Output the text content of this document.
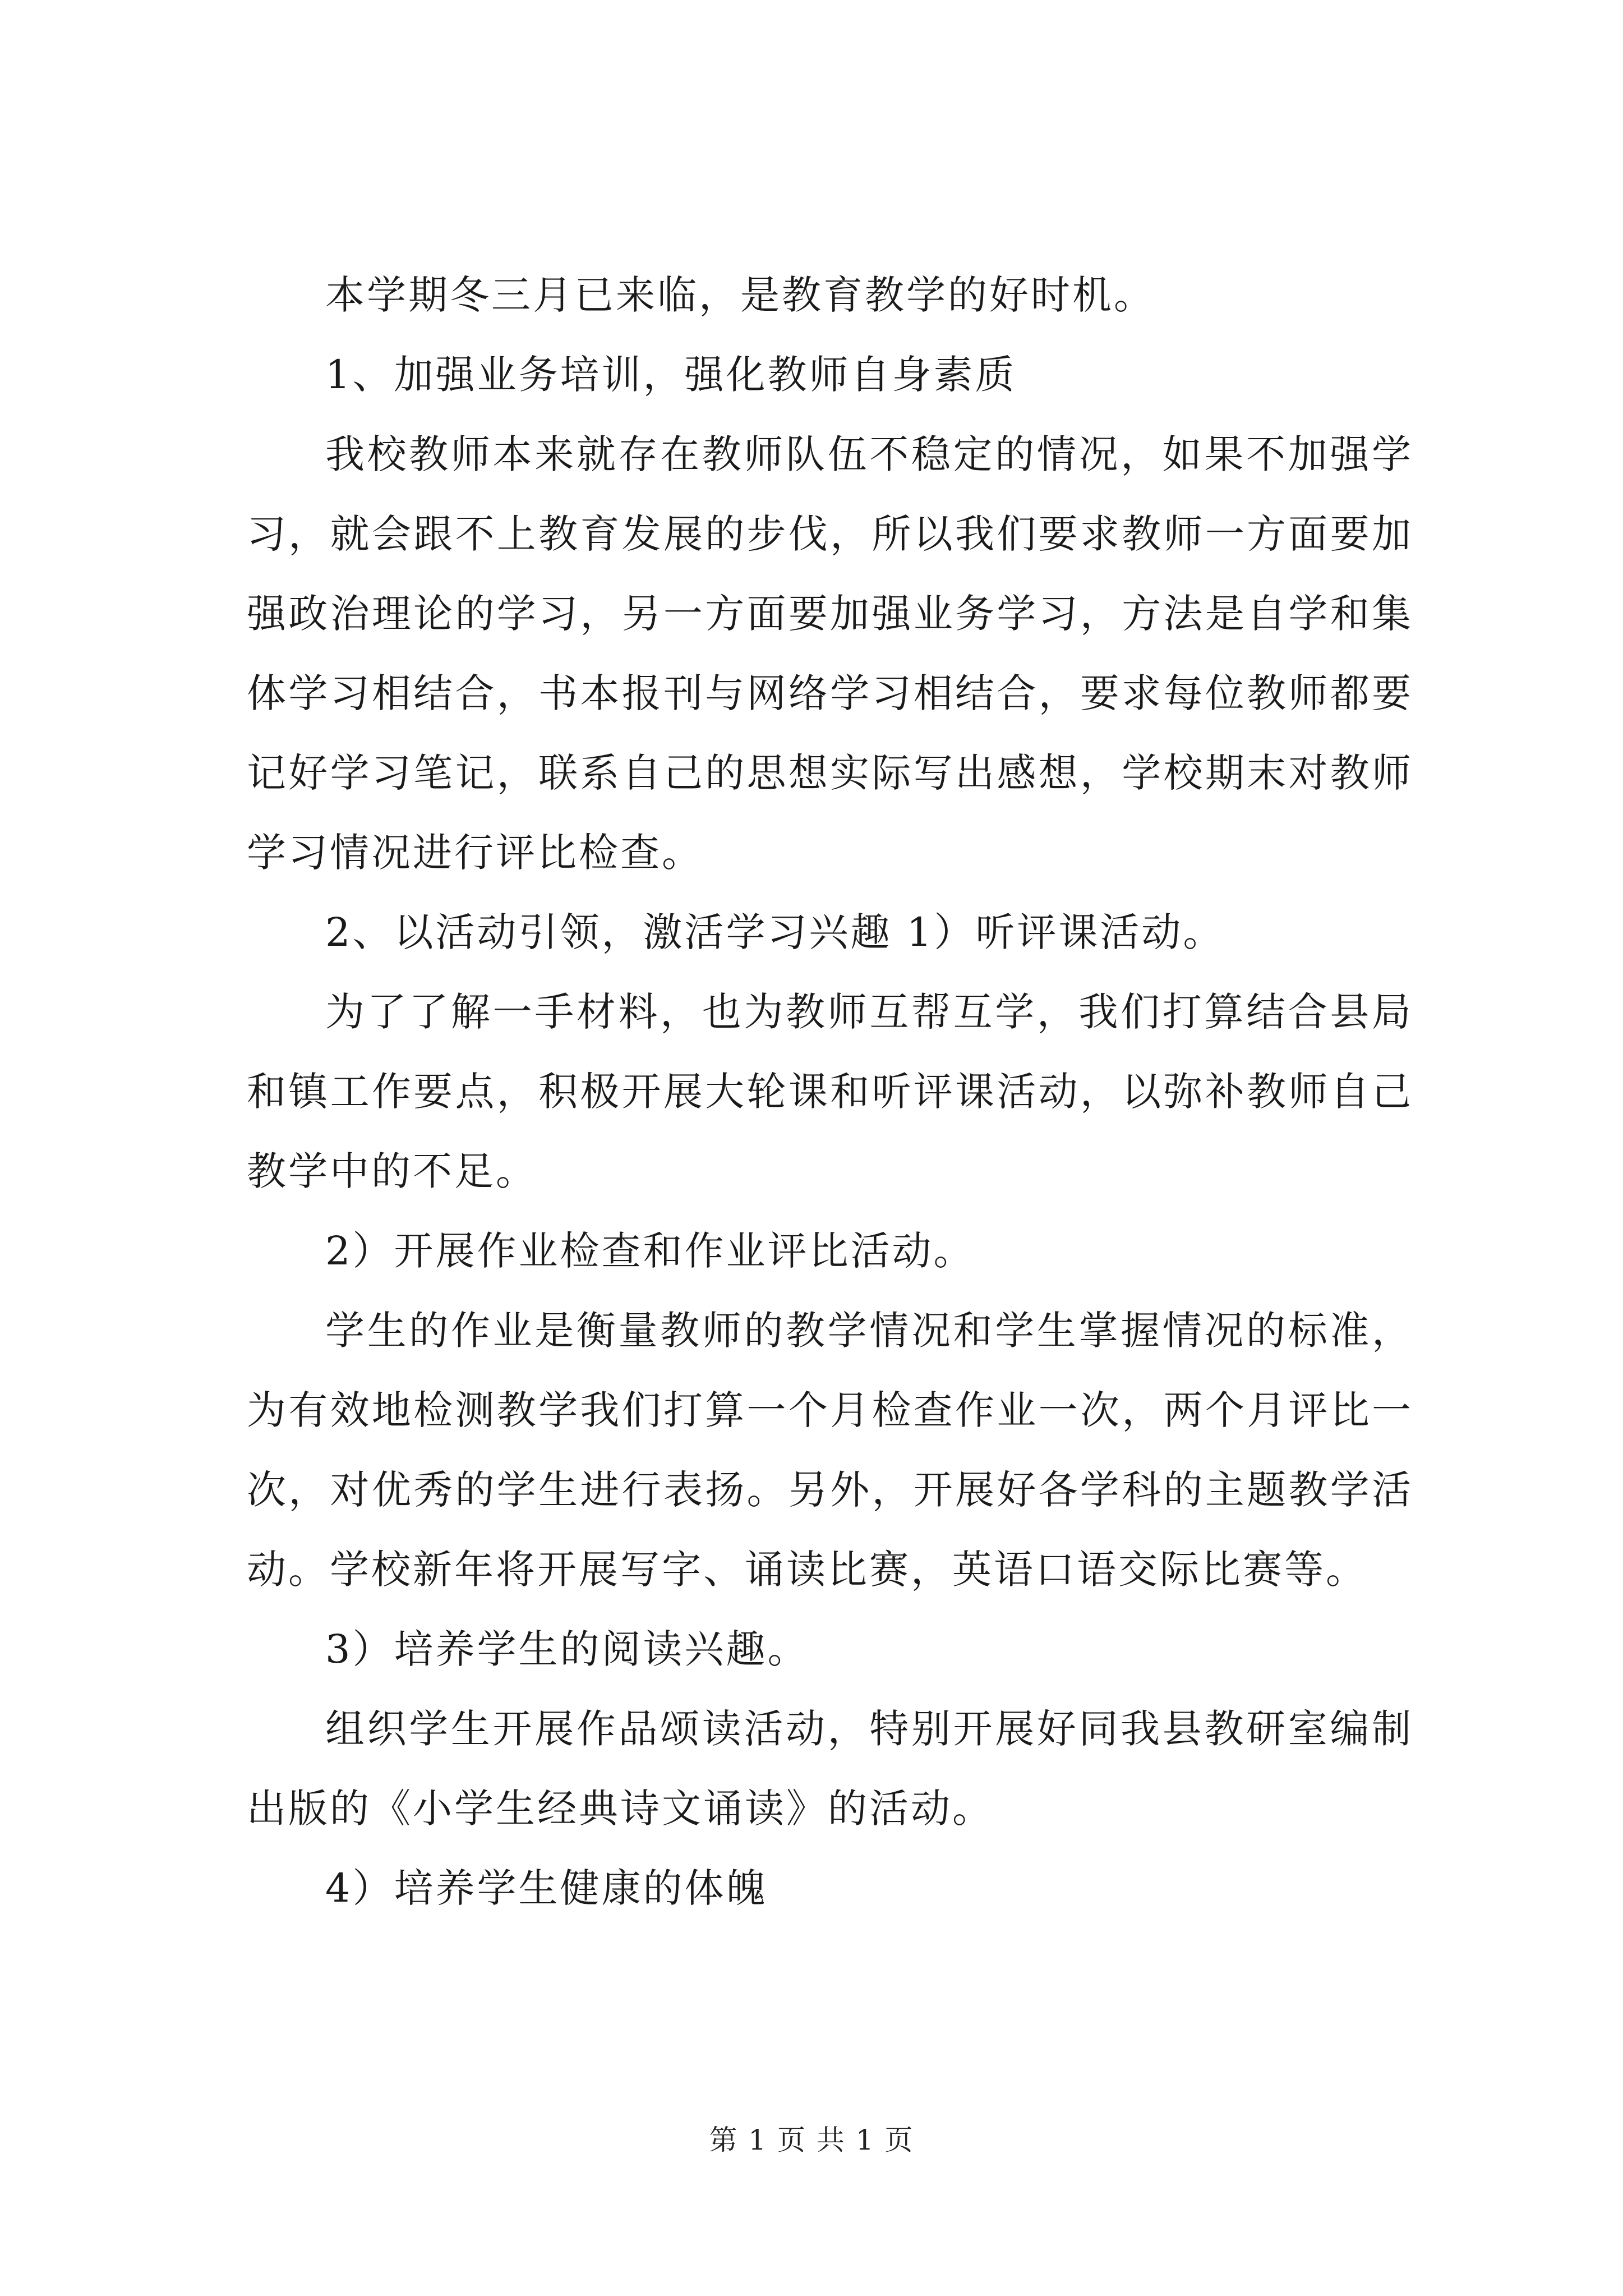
本学期冬三月已来临，是教育教学的好时机。

1、加强业务培训，强化教师自身素质

我校教师本来就存在教师队伍不稳定的情况，如果不加强学习，就会跟不上教育发展的步伐，所以我们要求教师一方面要加强政治理论的学习，另一方面要加强业务学习，方法是自学和集体学习相结合，书本报刊与网络学习相结合，要求每位教师都要记好学习笔记，联系自己的思想实际写出感想，学校期末对教师学习情况进行评比检查。

2、以活动引领，激活学习兴趣 1）听评课活动。

为了了解一手材料，也为教师互帮互学，我们打算结合县局和镇工作要点，积极开展大轮课和听评课活动，以弥补教师自己教学中的不足。

2）开展作业检查和作业评比活动。

学生的作业是衡量教师的教学情况和学生掌握情况的标准，为有效地检测教学我们打算一个月检查作业一次，两个月评比一次，对优秀的学生进行表扬。另外，开展好各学科的主题教学活动。学校新年将开展写字、诵读比赛，英语口语交际比赛等。

3）培养学生的阅读兴趣。

组织学生开展作品颂读活动，特别开展好同我县教研室编制出版的《小学生经典诗文诵读》的活动。

4）培养学生健康的体魄

第 1 页 共 1 页
